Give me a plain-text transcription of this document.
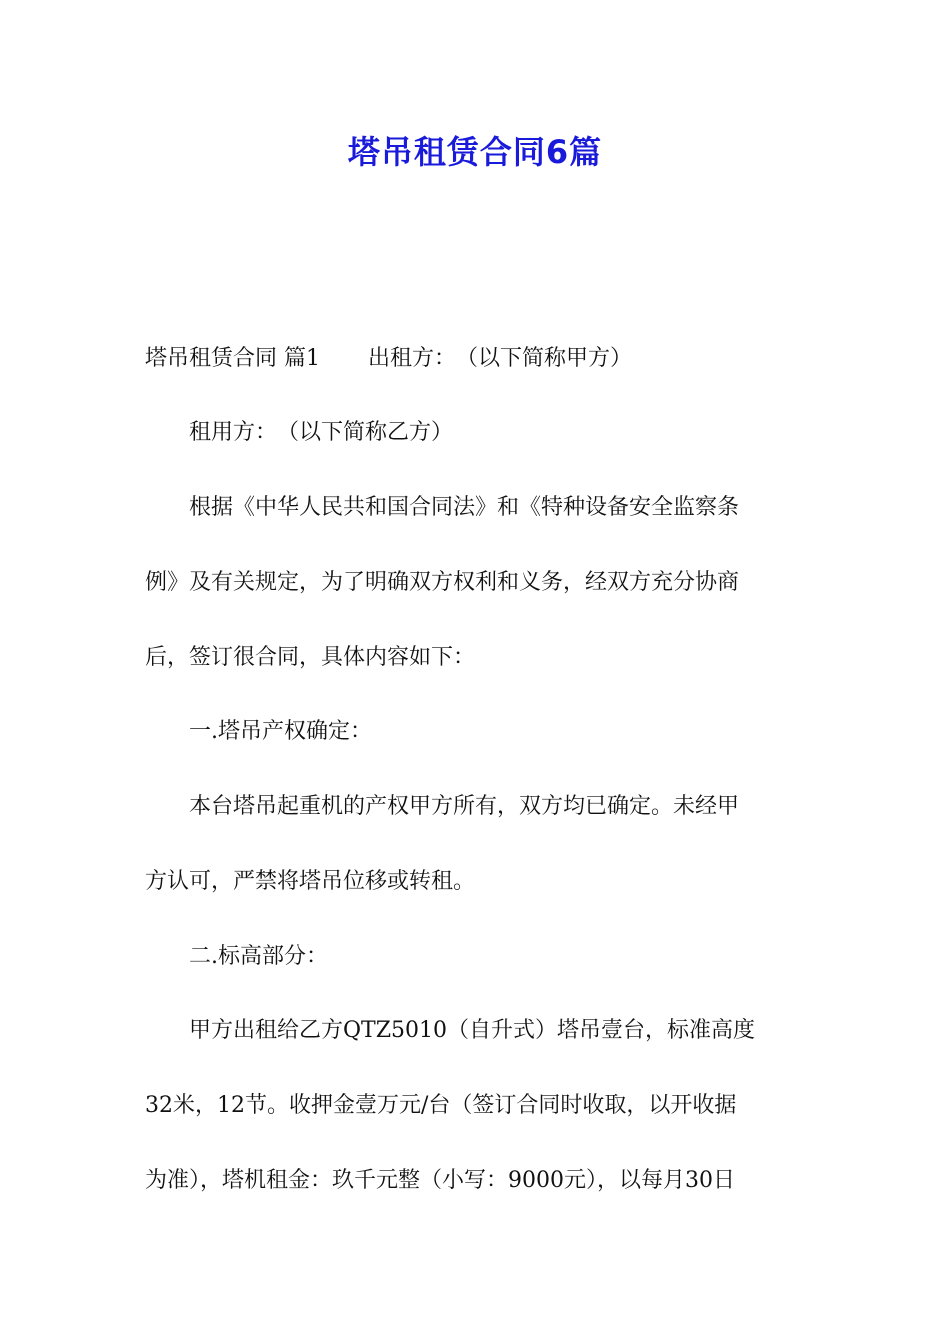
塔吊租赁合同6篇

塔吊租赁合同 篇1 出租方：　（以下简称甲方）

　　租用方：　（以下简称乙方）

　　根据《中华人民共和国合同法》和《特种设备安全监察条

例》及有关规定，为了明确双方权利和义务，经双方充分协商

后，签订很合同，具体内容如下：

　　一.塔吊产权确定：

　　本台塔吊起重机的产权甲方所有，双方均已确定。未经甲

方认可，严禁将塔吊位移或转租。

　　二.标高部分：

　　甲方出租给乙方QTZ5010（自升式）塔吊壹台，标准高度

32米，12节。收押金壹万元/台（签订合同时收取，以开收据

为准），塔机租金：玖千元整（小写：9000元），以每月30日
